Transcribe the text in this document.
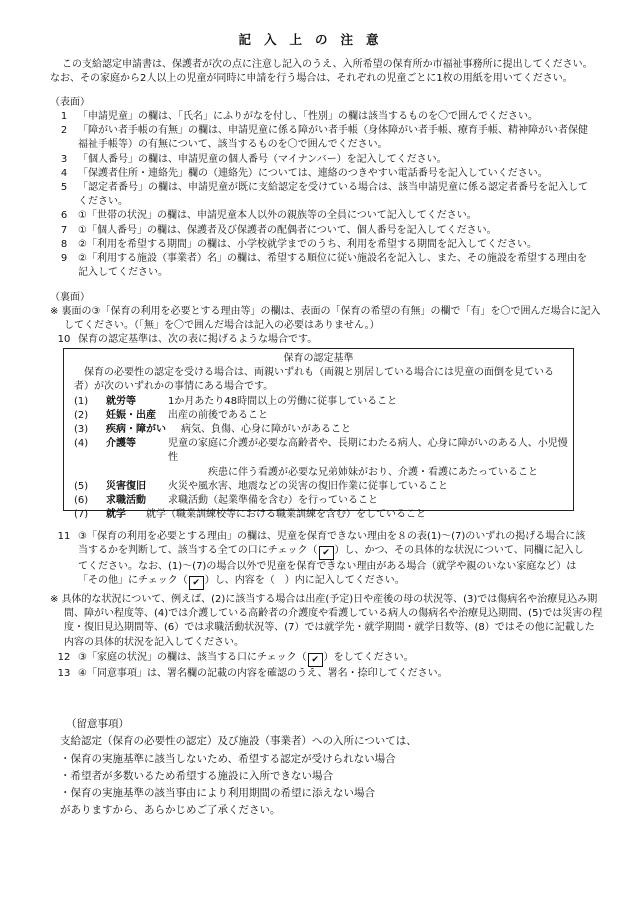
記入上の注意

この支給認定申請書は、保護者が次の点に注意し記入のうえ、入所希望の保育所か市福祉事務所に提出してください。

なお、その家庭から2人以上の児童が同時に申請を行う場合は、それぞれの児童ごとに1枚の用紙を用いてください。

（表面）
1	「申請児童」の欄は、「氏名」にふりがなを付し、「性別」の欄は該当するものを〇で囲んでください。
2	「障がい者手帳の有無」の欄は、申請児童に係る障がい者手帳（身体障がい者手帳、療育手帳、精神障がい者保健福祉手帳等）の有無について、該当するものを〇で囲んでください。
3	「個人番号」の欄は、申請児童の個人番号（マイナンバー）を記入してください。
4	「保護者住所・連絡先」欄の（連絡先）については、連絡のつきやすい電話番号を記入していください。
5	「認定者番号」の欄は、申請児童が既に支給認定を受けている場合は、該当申請児童に係る認定者番号を記入してください。
6	①「世帯の状況」の欄は、申請児童本人以外の親族等の全員について記入してください。
7	①「個人番号」の欄は、保護者及び保護者の配偶者について、個人番号を記入してください。
8	②「利用を希望する期間」の欄は、小学校就学までのうち、利用を希望する期間を記入してください。
9	②「利用する施設（事業者）名」の欄は、希望する順位に従い施設名を記入し、また、その施設を希望する理由を記入してください。
（裏面）
※ 裏面の③「保育の利用を必要とする理由等」の欄は、表面の「保育の希望の有無」の欄で「有」を〇で囲んだ場合に記入してください。（「無」を〇で囲んだ場合は記入の必要はありません。）
10 保育の認定基準は、次の表に掲げるような場合です。
保育の認定基準
保育の必要性の認定を受ける場合は、両親いずれも（両親と別居している場合には児童の面倒を見ている者）が次のいずれかの事情にある場合です。
(1)	就労等	1か月あたり48時間以上の労働に従事していること
(2)	妊娠・出産	出産の前後であること
(3)	疾病・障がい	病気、負傷、心身に障がいがあること
(4)	介護等	児童の家庭に介護が必要な高齢者や、長期にわたる病人、心身に障がいのある人、小児慢性
疾患に伴う看護が必要な兄弟姉妹がおり、介護・看護にあたっていること
(5)	災害復旧	火災や風水害、地震などの災害の復旧作業に従事していること
(6)	求職活動	求職活動（起業準備を含む）を行っていること
(7)	就学	就学（職業訓練校等における職業訓練を含む）をしていること
11 ③「保育の利用を必要とする理由」の欄は、児童を保育できない理由を８の表(1)〜(7)のいずれの掲げる場合に該当するかを判断して、該当する全ての口にチェック（ ✔ ）し、かつ、その具体的な状況について、同欄に記入してください。なお、(1)〜(7)の場合以外で児童を保育できない理由がある場合（就学や親のいない家庭など）は「その他」にチェック（ ✔ ）し、内容を（　）内に記入してください。
※ 具体的な状況について、例えば、(2)に該当する場合は出産(予定)日や産後の母の状況等、(3)では傷病名や治療見込み期間、障がい程度等、(4)では介護している高齢者の介護度や看護している病人の傷病名や治療見込期間、(5)では災害の程度・復旧見込期間等、(6）では求職活動状況等、(7）では就学先・就学期間・就学日数等、(8）ではその他に記載した内容の具体的状況を記入してください。
12 ③「家庭の状況」の欄は、該当する口にチェック（ ✔ ）をしてください。
13 ④「同意事項」は、署名欄の記載の内容を確認のうえ、署名・捺印してください。

（留意事項）

支給認定（保育の必要性の認定）及び施設（事業者）への入所については、

・保育の実施基準に該当しないため、希望する認定が受けられない場合

・希望者が多数いるため希望する施設に入所できない場合

・保育の実施基準の該当事由により利用期間の希望に添えない場合

がありますから、あらかじめご了承ください。
